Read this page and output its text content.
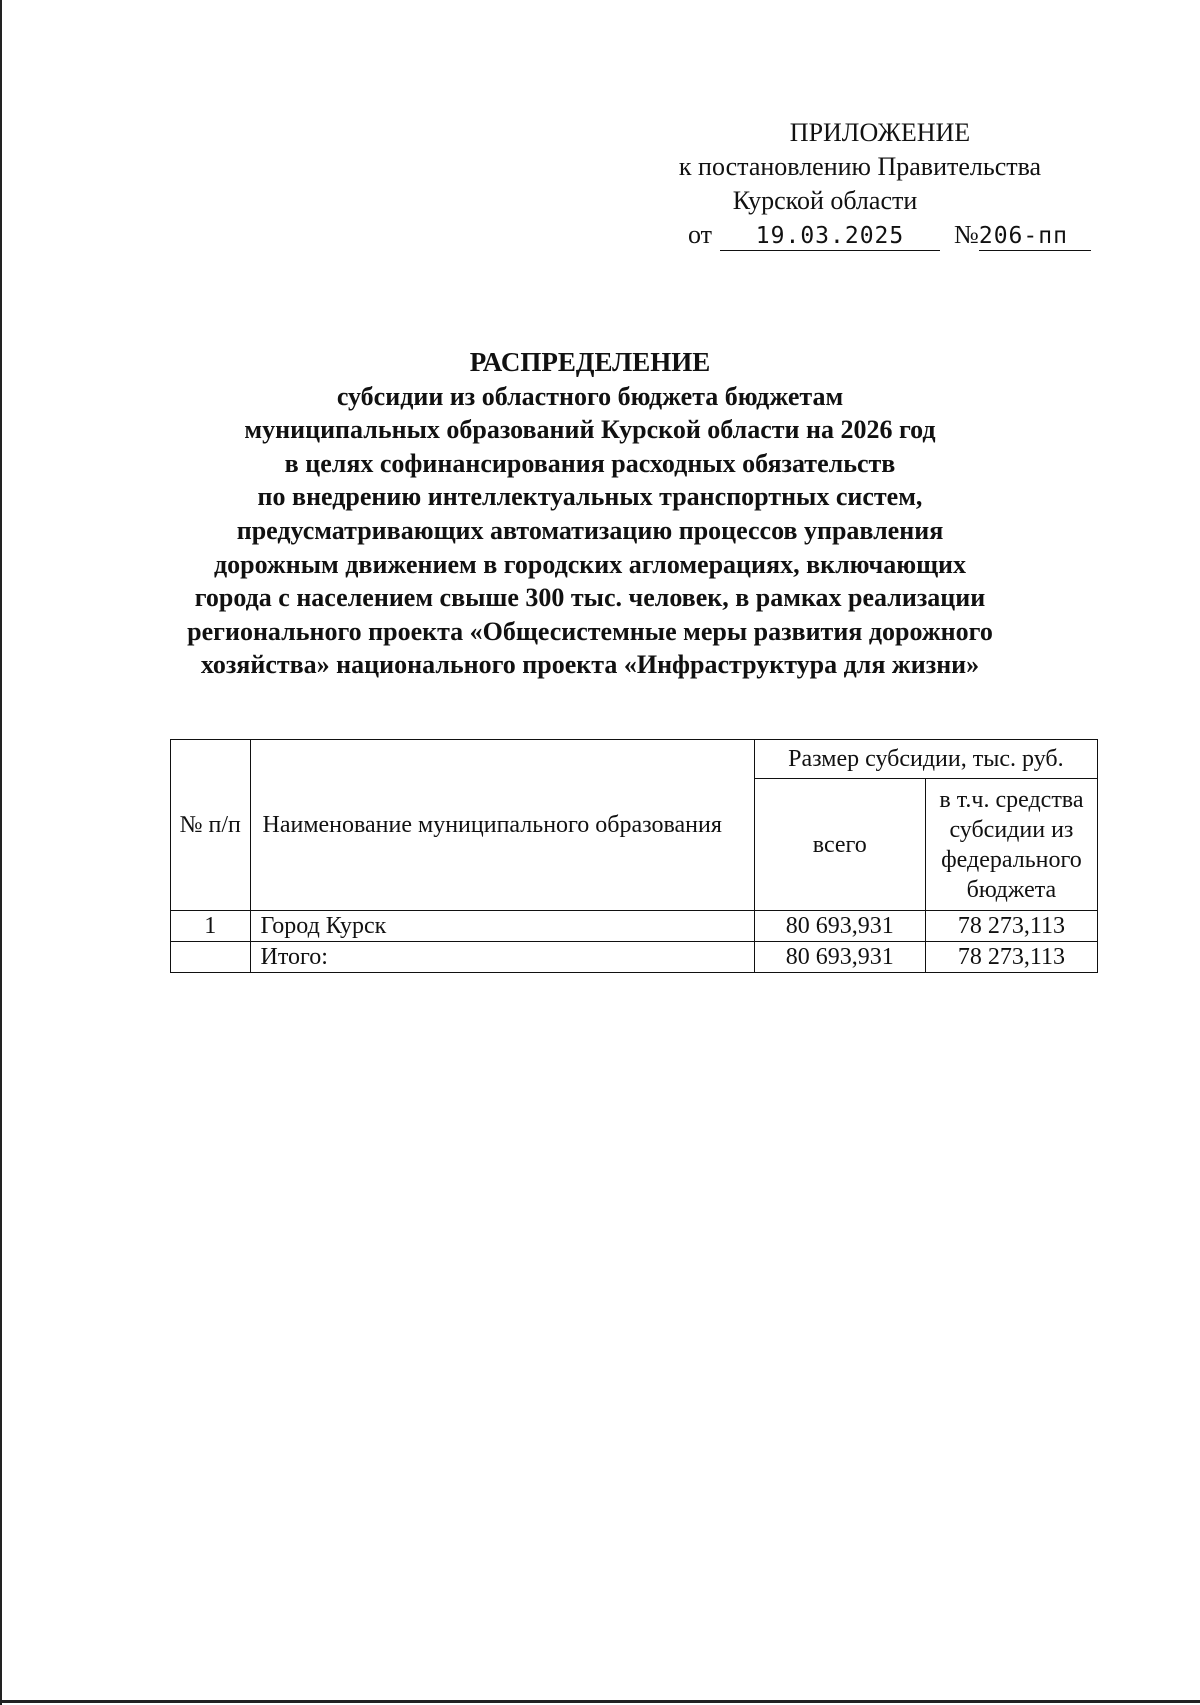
ПРИЛОЖЕНИЕ
к постановлению Правительства
Курской области
от 19.03.2025 №206-пп
РАСПРЕДЕЛЕНИЕ
субсидии из областного бюджета бюджетам
муниципальных образований Курской области на 2026 год
в целях софинансирования расходных обязательств
по внедрению интеллектуальных транспортных систем,
предусматривающих автоматизацию процессов управления
дорожным движением в городских агломерациях, включающих
города с населением свыше 300 тыс. человек, в рамках реализации
регионального проекта «Общесистемные меры развития дорожного
хозяйства» национального проекта «Инфраструктура для жизни»
№ п/п	Наименование муниципального образования	Размер субсидии, тыс. руб.	
		всего	в т.ч. средства субсидии из федерального бюджета
1	Город Курск	80 693,931	78 273,113
	Итого:	80 693,931	78 273,113
